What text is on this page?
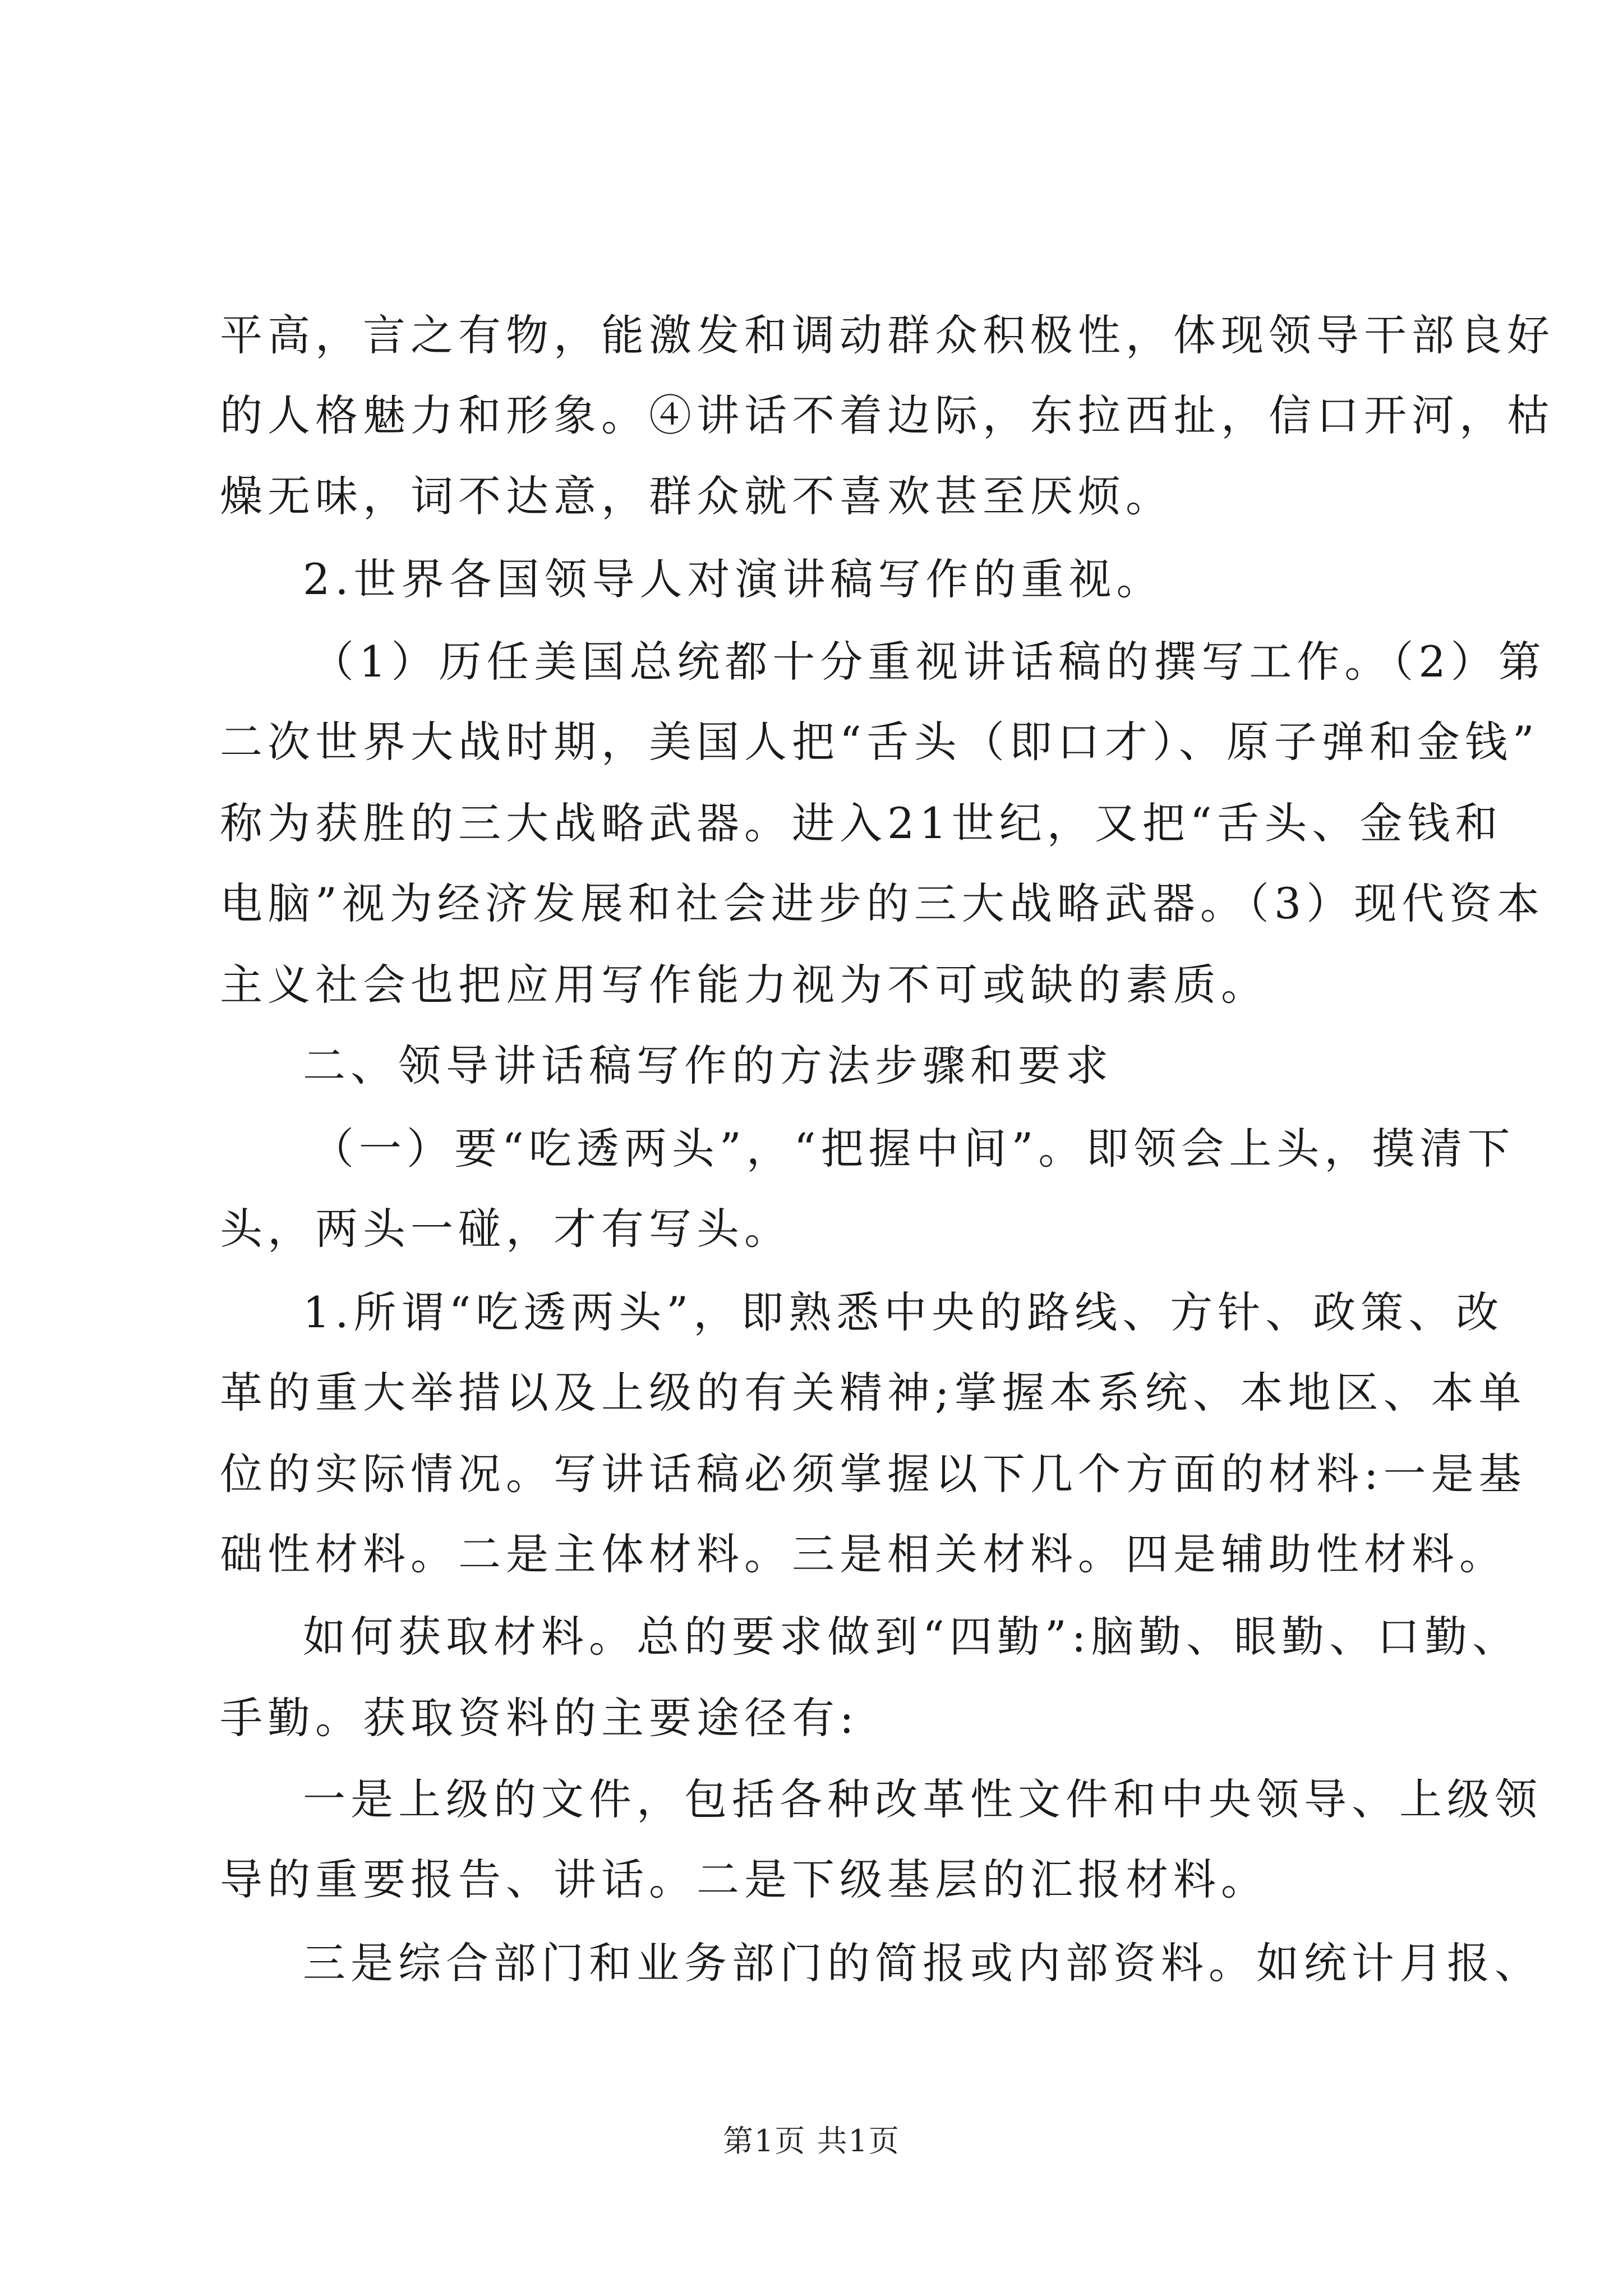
平高，言之有物，能激发和调动群众积极性，体现领导干部良好
的人格魅力和形象。④讲话不着边际，东拉西扯，信口开河，枯
燥无味，词不达意，群众就不喜欢甚至厌烦。
2.世界各国领导人对演讲稿写作的重视。
（1）历任美国总统都十分重视讲话稿的撰写工作。（2）第
二次世界大战时期，美国人把“舌头（即口才）、原子弹和金钱”
称为获胜的三大战略武器。进入21世纪，又把“舌头、金钱和
电脑”视为经济发展和社会进步的三大战略武器。（3）现代资本
主义社会也把应用写作能力视为不可或缺的素质。
二、领导讲话稿写作的方法步骤和要求
（一）要“吃透两头”，“把握中间”。即领会上头，摸清下
头，两头一碰，才有写头。
1.所谓“吃透两头”，即熟悉中央的路线、方针、政策、改
革的重大举措以及上级的有关精神;掌握本系统、本地区、本单
位的实际情况。写讲话稿必须掌握以下几个方面的材料:一是基
础性材料。二是主体材料。三是相关材料。四是辅助性材料。
如何获取材料。总的要求做到“四勤”:脑勤、眼勤、口勤、
手勤。获取资料的主要途径有:
一是上级的文件，包括各种改革性文件和中央领导、上级领
导的重要报告、讲话。二是下级基层的汇报材料。
三是综合部门和业务部门的简报或内部资料。如统计月报、
第1页 共1页
